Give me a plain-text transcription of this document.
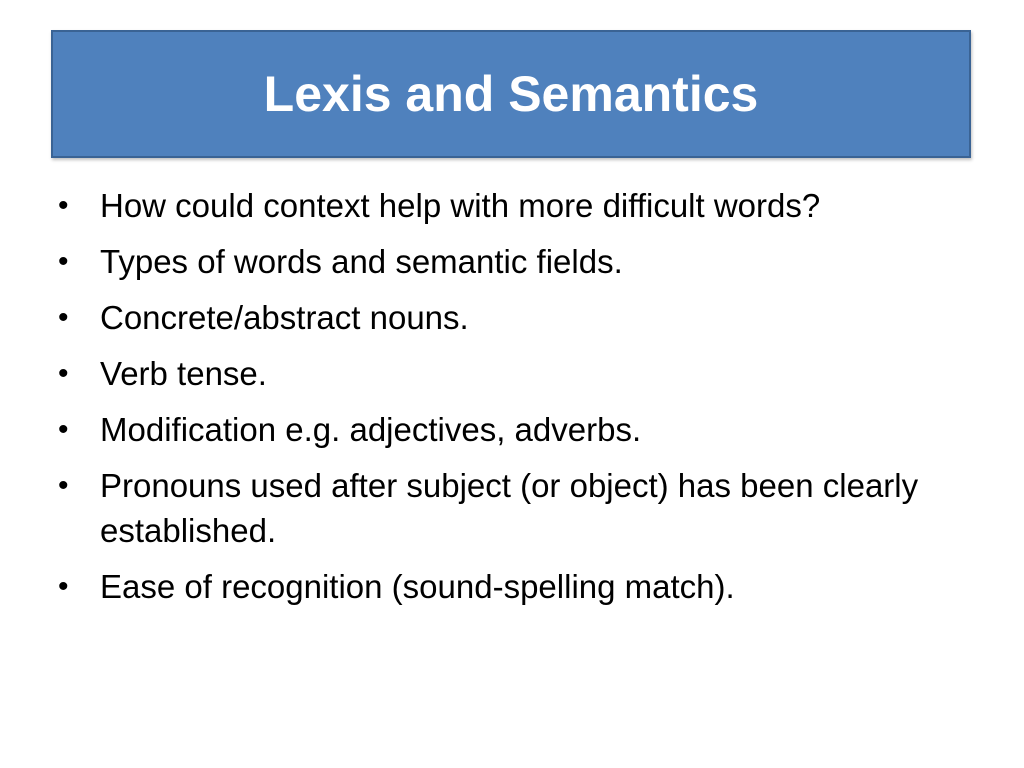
Lexis and Semantics
• How could context help with more difficult words?
• Types of words and semantic fields.
• Concrete/abstract nouns.
• Verb tense.
• Modification e.g. adjectives, adverbs.
• Pronouns used after subject (or object) has been clearly established.
• Ease of recognition (sound-spelling match).
